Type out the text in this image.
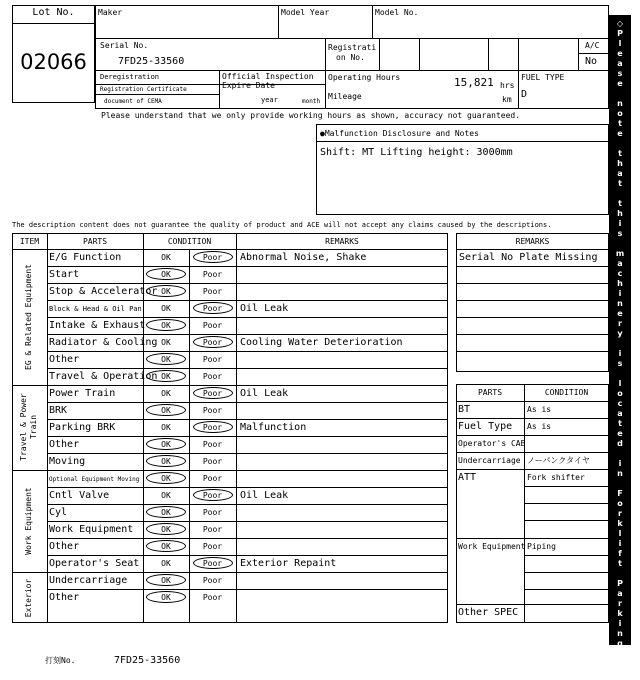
Lot No.
02066
Maker	Model Year	Model No.
Serial No.
7FD25-33560
Registrati
on No.
A/C
No
Deregistration
Registration Certificate
document of CEMA
Official Inspection
Expire Date
year	month
Operating Hours	15,821 hrs
Mileage	km
FUEL TYPE
D
Please understand that we only provide working hours as shown, accuracy not guaranteed.
●Malfunction Disclosure and Notes
Shift: MT Lifting height: 3000mm
The description content does not guarantee the quality of product and ACE will not accept any claims caused by the descriptions.
ITEM	PARTS	CONDITION	REMARKS
EG & Related Equipment
Travel & Power Train
Work Equipment
Exterior
E/G Function	OK	Poor	Abnormal Noise, Shake
Start	OK	Poor
Stop & Accelerator OK	Poor
Block & Head & Oil Pan	OK	Poor	Oil Leak
Intake & Exhaust	OK	Poor
Radiator & Cooling OK	Poor	Cooling Water Deterioration
Other	OK	Poor
Travel & Operation OK	Poor
Power Train	OK	Poor	Oil Leak
BRK	OK	Poor
Parking BRK	OK	Poor	Malfunction
Other	OK	Poor
Moving	OK	Poor
Optional Equipment Moving	OK	Poor
Cntl Valve	OK	Poor	Oil Leak
Cyl	OK	Poor
Work Equipment	OK	Poor
Other	OK	Poor
Operator's Seat	OK	Poor	Exterior Repaint
Undercarriage	OK	Poor
Other	OK	Poor
REMARKS
Serial No Plate Missing
PARTS	CONDITION
BT	As is
Fuel Type As is
Operator's CAB
Undercarriage ノーパンクタイヤ
ATT	Fork shifter
Work Equipment Piping
Other SPEC
◇
P
l
e
a
s
e

n
o
t
e

t
h
a
t

t
h
i
s

m
a
c
h
i
n
e
r
y

i
s

l
o
c
a
t
e
d

i
n

F
o
r
k
l
i
f
t

P
a
r
k
i
n
g
◇
打刻No.	7FD25-33560
